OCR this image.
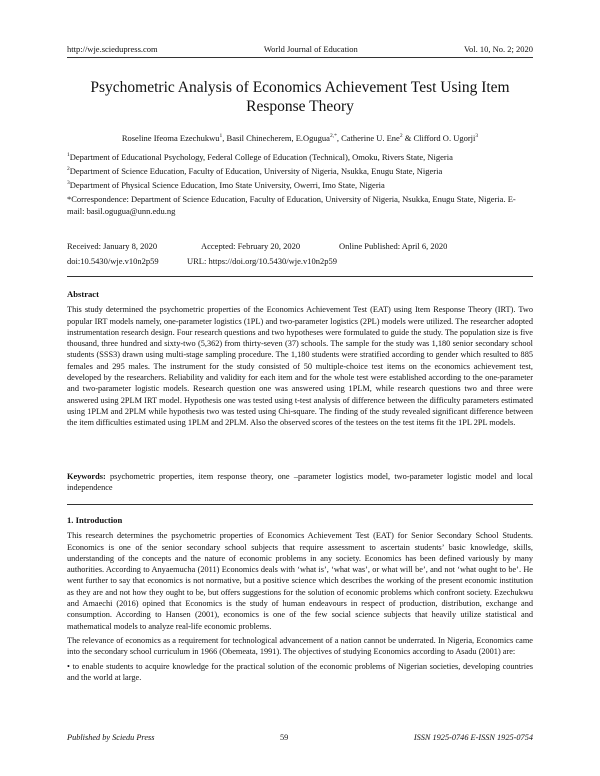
http://wje.sciedupress.com	World Journal of Education	Vol. 10, No. 2; 2020
Psychometric Analysis of Economics Achievement Test Using Item Response Theory
Roseline Ifeoma Ezechukwu$^1$, Basil Chinecherem, E.Ogugua$^{2,*}$, Catherine U. Ene$^2$ & Clifford O. Ugorji$^3$

$^1$Department of Educational Psychology, Federal College of Education (Technical), Omoku, Rivers State, Nigeria

$^2$Department of Science Education, Faculty of Education, University of Nigeria, Nsukka, Enugu State, Nigeria

$^3$Department of Physical Science Education, Imo State University, Owerri, Imo State, Nigeria

*Correspondence: Department of Science Education, Faculty of Education, University of Nigeria, Nsukka, Enugu State, Nigeria. E-mail: basil.ogugua@unn.edu.ng

Received: January 8, 2020	Accepted: February 20, 2020	Online Published: April 6, 2020
doi:10.5430/wje.v10n2p59	URL: https://doi.org/10.5430/wje.v10n2p59
Abstract

This study determined the psychometric properties of the Economics Achievement Test (EAT) using Item Response Theory (IRT). Two popular IRT models namely, one-parameter logistics (1PL) and two-parameter logistics (2PL) models were utilized. The researcher adopted instrumentation research design. Four research questions and two hypotheses were formulated to guide the study. The population size is five thousand, three hundred and sixty-two (5,362) from thirty-seven (37) schools. The sample for the study was 1,180 senior secondary school students (SSS3) drawn using multi-stage sampling procedure. The 1,180 students were stratified according to gender which resulted to 885 females and 295 males. The instrument for the study consisted of 50 multiple-choice test items on the economics achievement test, developed by the researchers. Reliability and validity for each item and for the whole test were established according to the one-parameter and two-parameter logistic models. Research question one was answered using 1PLM, while research questions two and three were answered using 2PLM IRT model. Hypothesis one was tested using t-test analysis of difference between the difficulty parameters estimated using 1PLM and 2PLM while hypothesis two was tested using Chi-square. The finding of the study revealed significant difference between the item difficulties estimated using 1PLM and 2PLM. Also the observed scores of the testees on the test items fit the 1PL 2PL models.

Keywords: psychometric properties, item response theory, one –parameter logistics model, two-parameter logistic model and local independence
1. Introduction

This research determines the psychometric properties of Economics Achievement Test (EAT) for Senior Secondary School Students. Economics is one of the senior secondary school subjects that require assessment to ascertain students’ basic knowledge, skills, understanding of the concepts and the nature of economic problems in any society. Economics has been defined variously by many authorities. According to Anyaemucha (2011) Economics deals with ‘what is’, ‘what was’, or what will be’, and not ‘what ought to be’. He went further to say that economics is not normative, but a positive science which describes the working of the present economic institution as they are and not how they ought to be, but offers suggestions for the solution of economic problems which confront society. Ezechukwu and Amaechi (2016) opined that Economics is the study of human endeavours in respect of production, distribution, exchange and consumption. According to Hansen (2001), economics is one of the few social science subjects that heavily utilize statistical and mathematical models to analyze real-life economic problems.

The relevance of economics as a requirement for technological advancement of a nation cannot be underrated. In Nigeria, Economics came into the secondary school curriculum in 1966 (Obemeata, 1991). The objectives of studying Economics according to Asadu (2001) are:

• to enable students to acquire knowledge for the practical solution of the economic problems of Nigerian societies, developing countries and the world at large.

Published by Sciedu Press	59	ISSN 1925-0746 E-ISSN 1925-0754
